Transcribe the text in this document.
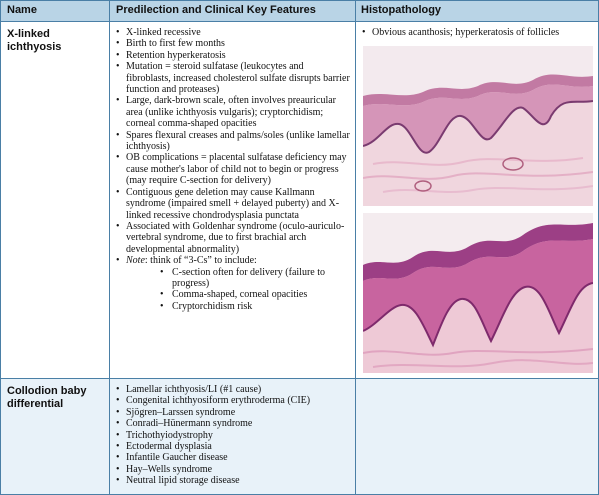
Name	Predilection and Clinical Key Features	Histopathology
X-linked ichthyosis
• X-linked recessive
• Birth to first few months
• Retention hyperkeratosis
• Mutation = steroid sulfatase (leukocytes and fibroblasts, increased cholesterol sulfate disrupts barrier function and proteases)
• Large, dark-brown scale, often involves preauricular area (unlike ichthyosis vulgaris); cryptorchidism; corneal comma-shaped opacities
• Spares flexural creases and palms/soles (unlike lamellar ichthyosis)
• OB complications = placental sulfatase deficiency may cause mother's labor of child not to begin or progress (may require C-section for delivery)
• Contiguous gene deletion may cause Kallmann syndrome (impaired smell + delayed puberty) and X-linked recessive chondrodysplasia punctata
• Associated with Goldenhar syndrome (oculo-auriculo-vertebral syndrome, due to first brachial arch developmental abnormality)
• Note: think of “3-Cs” to include:
• C-section often for delivery (failure to progress)
• Comma-shaped, corneal opacities
• Cryptorchidism risk
• Obvious acanthosis; hyperkeratosis of follicles
Collodion baby differential
• Lamellar ichthyosis/LI (#1 cause)
• Congenital ichthyosiform erythroderma (CIE)
• Sjögren–Larssen syndrome
• Conradi–Hünermann syndrome
• Trichothyiodystrophy
• Ectodermal dysplasia
• Infantile Gaucher disease
• Hay–Wells syndrome
• Neutral lipid storage disease
